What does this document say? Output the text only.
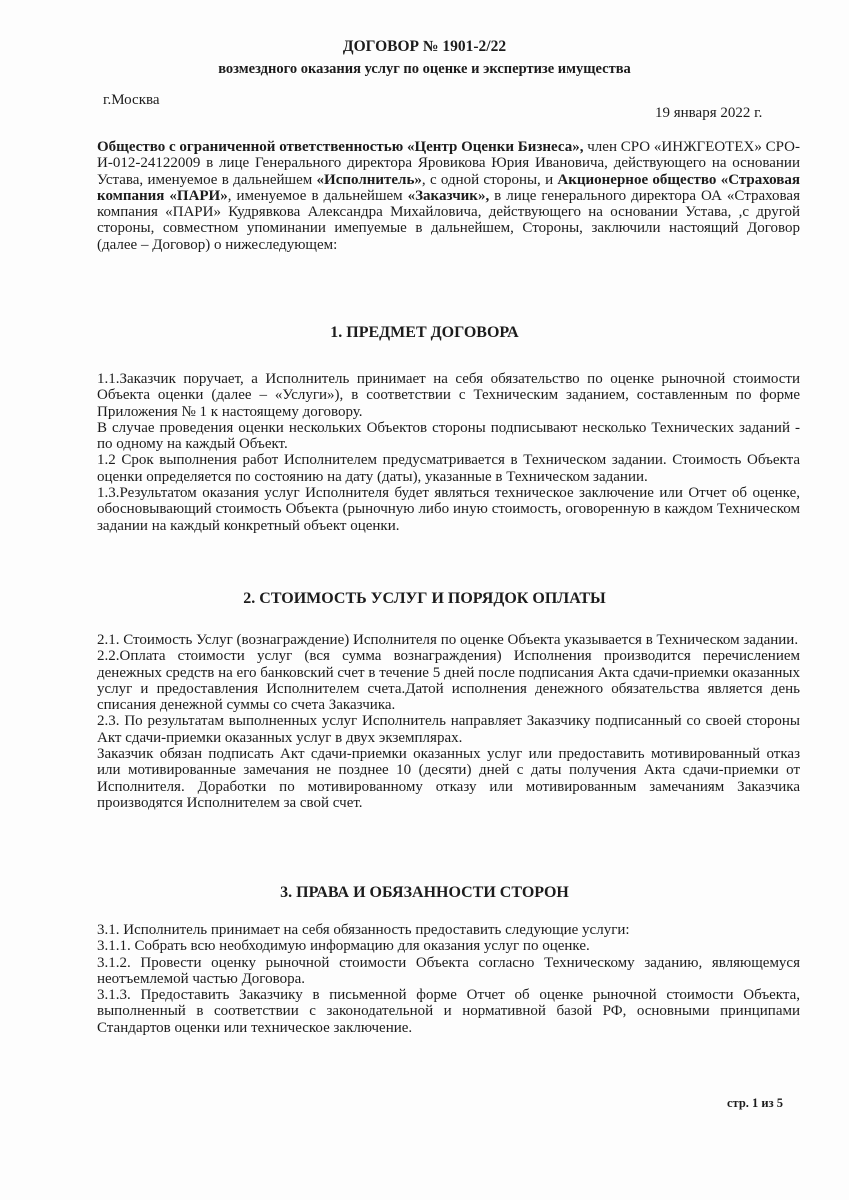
ДОГОВОР № 1901-2/22
возмездного оказания услуг по оценке и экспертизе имущества
г.Москва
19 января 2022 г.

Общество с ограниченной ответственностью «Центр Оценки Бизнеса», член СРО «ИНЖГЕОТЕХ» СРО-И-012-24122009 в лице Генерального директора Яровикова Юрия Ивановича, действующего на основании Устава, именуемое в дальнейшем «Исполнитель», с одной стороны, и Акционерное общество «Страховая компания «ПАРИ», именуемое в дальнейшем «Заказчик», в лице генерального директора ОА «Страховая компания «ПАРИ» Кудрявкова Александра Михайловича, действующего на основании Устава, ,с другой стороны, совместном упоминании имепуемые в дальнейшем, Стороны, заключили настоящий Договор (далее – Договор) о нижеследующем:

1. ПРЕДМЕТ ДОГОВОРА

1.1.Заказчик поручает, а Исполнитель принимает на себя обязательство по оценке рыночной стоимости Объекта оценки (далее – «Услуги»), в соответствии с Техническим заданием, составленным по форме Приложения № 1 к настоящему договору.

В случае проведения оценки нескольких Объектов стороны подписывают несколько Технических заданий - по одному на каждый Объект.

1.2 Срок выполнения работ Исполнителем предусматривается в Техническом задании. Стоимость Объекта оценки определяется по состоянию на дату (даты), указанные в Техническом задании.

1.3.Результатом оказания услуг Исполнителя будет являться техническое заключение или Отчет об оценке, обосновывающий стоимость Объекта (рыночную либо иную стоимость, оговоренную в каждом Техническом задании на каждый конкретный объект оценки.

2. СТОИМОСТЬ УСЛУГ И ПОРЯДОК ОПЛАТЫ

2.1. Стоимость Услуг (вознаграждение) Исполнителя по оценке Объекта указывается в Техническом задании.

2.2.Оплата стоимости услуг (вся сумма вознаграждения) Исполнения производится перечислением денежных средств на его банковский счет в течение 5 дней после подписания Акта сдачи-приемки оказанных услуг и предоставления Исполнителем счета.Датой исполнения денежного обязательства является день списания денежной суммы со счета Заказчика.

2.3. По результатам выполненных услуг Исполнитель направляет Заказчику подписанный со своей стороны Акт сдачи-приемки оказанных услуг в двух экземплярах.

Заказчик обязан подписать Акт сдачи-приемки оказанных услуг или предоставить мотивированный отказ или мотивированные замечания не позднее 10 (десяти) дней с даты получения Акта сдачи-приемки от Исполнителя. Доработки по мотивированному отказу или мотивированным замечаниям Заказчика производятся Исполнителем за свой счет.

3. ПРАВА И ОБЯЗАННОСТИ СТОРОН

3.1. Исполнитель принимает на себя обязанность предоставить следующие услуги:

3.1.1. Собрать всю необходимую информацию для оказания услуг по оценке.

3.1.2. Провести оценку рыночной стоимости Объекта согласно Техническому заданию, являющемуся неотъемлемой частью Договора.

3.1.3. Предоставить Заказчику в письменной форме Отчет об оценке рыночной стоимости Объекта, выполненный в соответствии с законодательной и нормативной базой РФ, основными принципами Стандартов оценки или техническое заключение.

стр. 1 из 5
